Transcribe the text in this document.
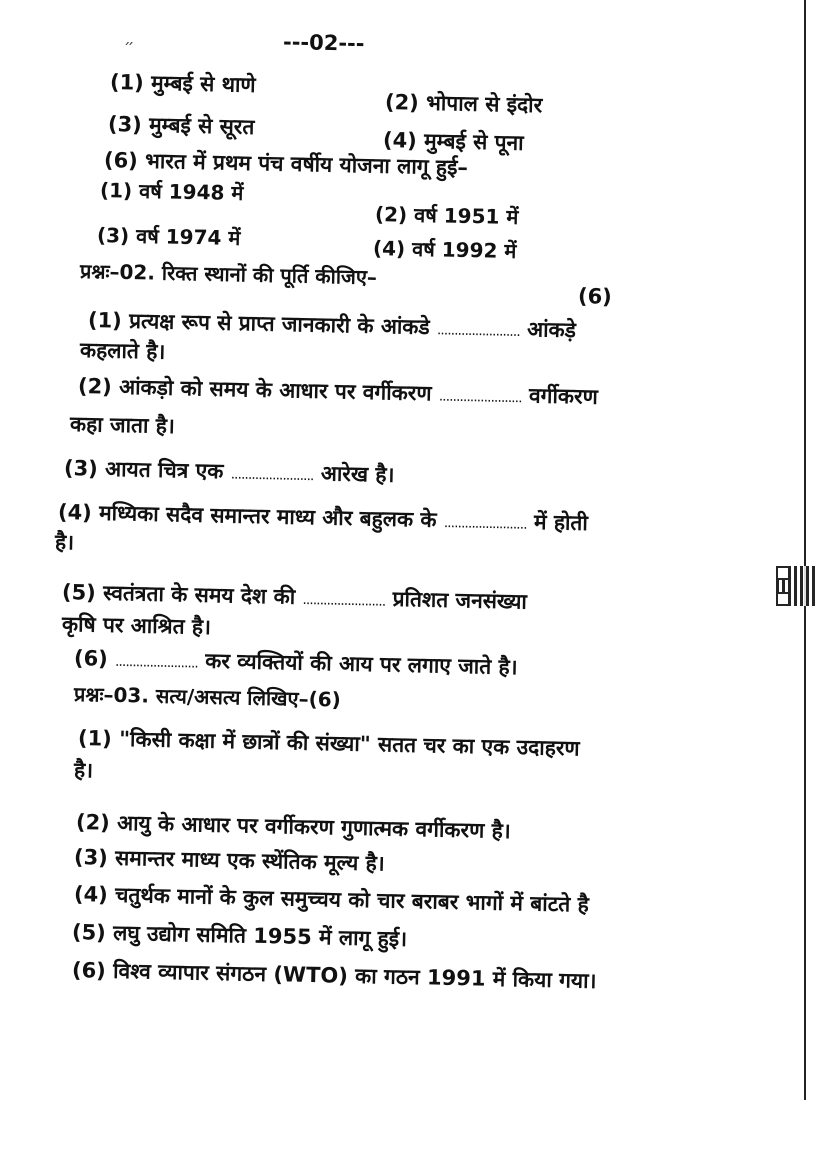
״	---02---
(1) मुम्बई से थाणे
(2) भोपाल से इंदोर
(3) मुम्बई से सूरत
(4) मुम्बई से पूना
(6) भारत में प्रथम पंच वर्षीय योजना लागू हुई–
(1) वर्ष 1948 में
(2) वर्ष 1951 में
(3) वर्ष 1974 में	(4) वर्ष 1992 में
प्रश्नः–02. रिक्त स्थानों की पूर्ति कीजिए–
(6)
(1) प्रत्यक्ष रूप से प्राप्त जानकारी के आंकडे ........................ आंकड़े
कहलाते है।
(2) आंकड़ो को समय के आधार पर वर्गीकरण ........................ वर्गीकरण
कहा जाता है।
(3) आयत चित्र एक ........................ आरेख है।
(4) मध्यिका सदैव समान्तर माध्य और बहुलक के ........................ में होती
है।
(5) स्वतंत्रता के समय देश की ........................ प्रतिशत जनसंख्या
कृषि पर आश्रित है।
(6) ........................ कर व्यक्तियों की आय पर लगाए जाते है।
प्रश्नः–03. सत्य/असत्य लिखिए–(6)
(1) "किसी कक्षा में छात्रों की संख्या" सतत चर का एक उदाहरण
है।
(2) आयु के आधार पर वर्गीकरण गुणात्मक वर्गीकरण है।
(3) समान्तर माध्य एक स्थेंतिक मूल्य है।
(4) चतुर्थक मानों के कुल समुच्चय को चार बराबर भागों में बांटते है
(5) लघु उद्योग समिति 1955 में लागू हुई।
(6) विश्व व्यापार संगठन (WTO) का गठन 1991 में किया गया।
